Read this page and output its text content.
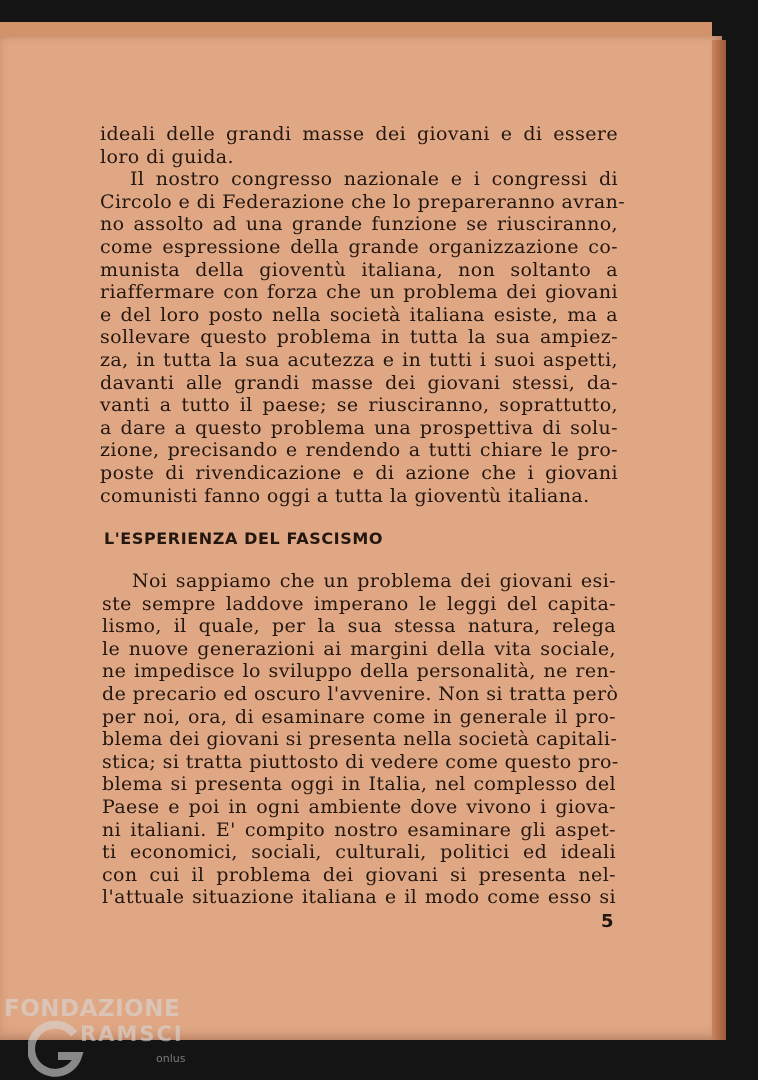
ideali delle grandi masse dei giovani e di essere
loro di guida.
Il nostro congresso nazionale e i congressi di
Circolo e di Federazione che lo prepareranno avran-
no assolto ad una grande funzione se riusciranno,
come espressione della grande organizzazione co-
munista della gioventù italiana, non soltanto a
riaffermare con forza che un problema dei giovani
e del loro posto nella società italiana esiste, ma a
sollevare questo problema in tutta la sua ampiez-
za, in tutta la sua acutezza e in tutti i suoi aspetti,
davanti alle grandi masse dei giovani stessi, da-
vanti a tutto il paese; se riusciranno, soprattutto,
a dare a questo problema una prospettiva di solu-
zione, precisando e rendendo a tutti chiare le pro-
poste di rivendicazione e di azione che i giovani
comunisti fanno oggi a tutta la gioventù italiana.
L'ESPERIENZA DEL FASCISMO
Noi sappiamo che un problema dei giovani esi-
ste sempre laddove imperano le leggi del capita-
lismo, il quale, per la sua stessa natura, relega
le nuove generazioni ai margini della vita sociale,
ne impedisce lo sviluppo della personalità, ne ren-
de precario ed oscuro l'avvenire. Non si tratta però
per noi, ora, di esaminare come in generale il pro-
blema dei giovani si presenta nella società capitali-
stica; si tratta piuttosto di vedere come questo pro-
blema si presenta oggi in Italia, nel complesso del
Paese e poi in ogni ambiente dove vivono i giova-
ni italiani. E' compito nostro esaminare gli aspet-
ti economici, sociali, culturali, politici ed ideali
con cui il problema dei giovani si presenta nel-
l'attuale situazione italiana e il modo come esso si
5
FONDAZIONE
RAMSCI
onlus
